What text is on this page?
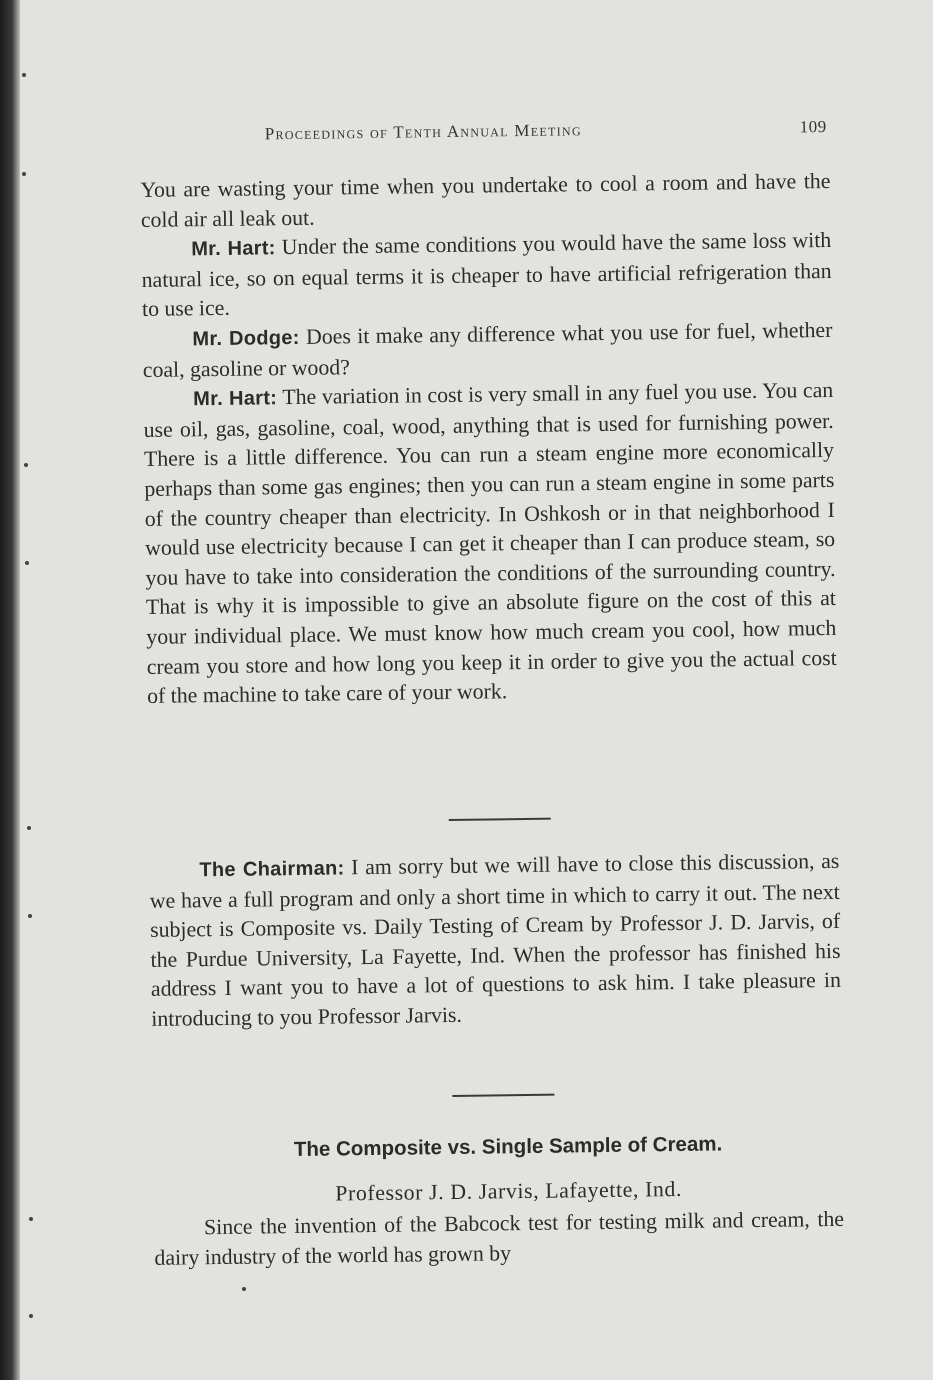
Proceedings of Tenth Annual Meeting	109

You are wasting your time when you undertake to cool a room and have the cold air all leak out.

Mr. Hart: Under the same conditions you would have the same loss with natural ice, so on equal terms it is cheaper to have artificial refrigeration than to use ice.

Mr. Dodge: Does it make any difference what you use for fuel, whether coal, gasoline or wood?

Mr. Hart: The variation in cost is very small in any fuel you use. You can use oil, gas, gasoline, coal, wood, anything that is used for furnishing power. There is a little difference. You can run a steam engine more economically perhaps than some gas engines; then you can run a steam engine in some parts of the country cheaper than electricity. In Oshkosh or in that neighborhood I would use electricity because I can get it cheaper than I can produce steam, so you have to take into consideration the conditions of the surrounding country. That is why it is impossible to give an absolute figure on the cost of this at your individual place. We must know how much cream you cool, how much cream you store and how long you keep it in order to give you the actual cost of the machine to take care of your work.

The Chairman: I am sorry but we will have to close this discussion, as we have a full program and only a short time in which to carry it out. The next subject is Composite vs. Daily Testing of Cream by Professor J. D. Jarvis, of the Purdue University, La Fayette, Ind. When the professor has finished his address I want you to have a lot of questions to ask him. I take pleasure in introducing to you Professor Jarvis.

The Composite vs. Single Sample of Cream.
Professor J. D. Jarvis, Lafayette, Ind.

Since the invention of the Babcock test for testing milk and cream, the dairy industry of the world has grown by
